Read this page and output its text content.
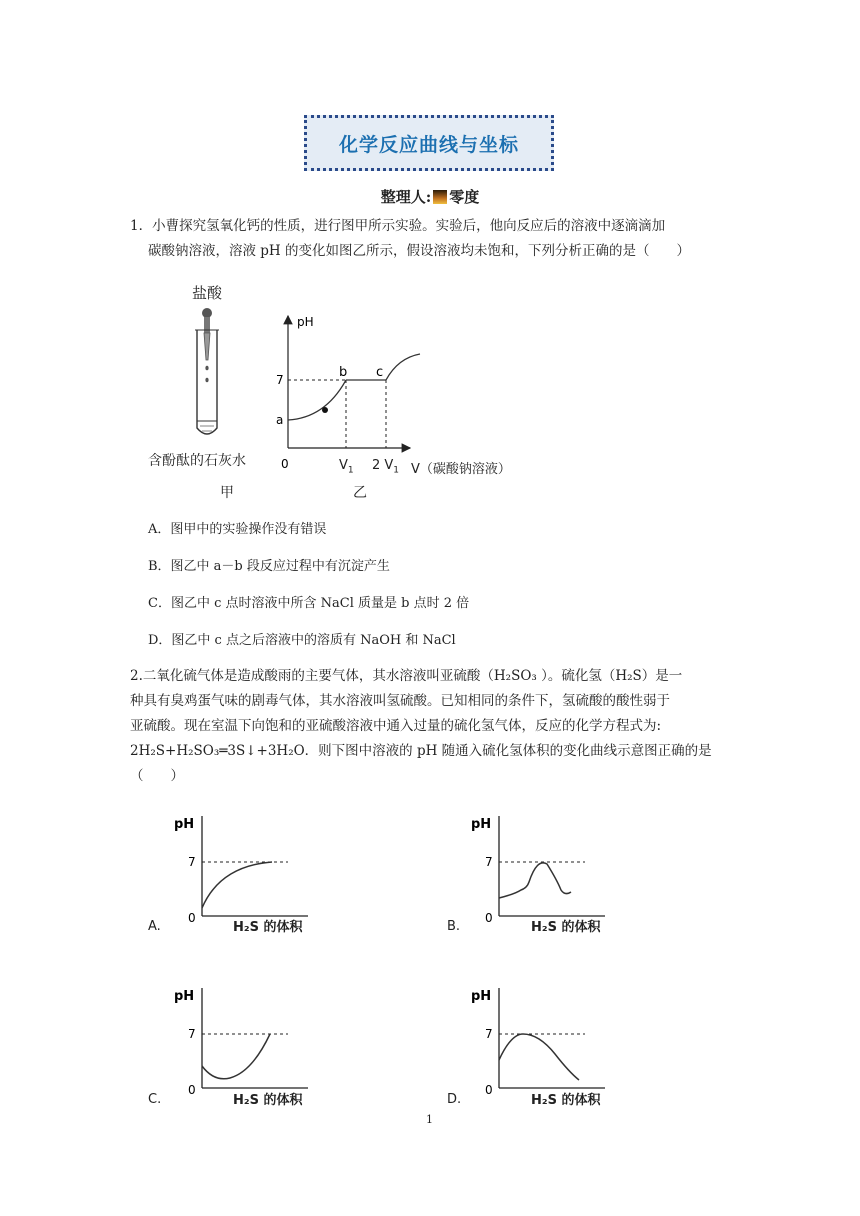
化学反应曲线与坐标
整理人: 零度
1．小曹探究氢氧化钙的性质，进行图甲所示实验。实验后，他向反应后的溶液中逐滴滴加
碳酸钠溶液，溶液 pH 的变化如图乙所示，假设溶液均未饱和，下列分析正确的是（　　）
盐酸
含酚酞的石灰水
甲
pH
7
0
a
b c
$V_1$ 2 $V_1$ V（碳酸钠溶液）
乙
A．图甲中的实验操作没有错误
B．图乙中 a－b 段反应过程中有沉淀产生
C．图乙中 c 点时溶液中所含 NaCl 质量是 b 点时 2 倍
D．图乙中 c 点之后溶液中的溶质有 NaOH 和 NaCl
2.二氧化硫气体是造成酸雨的主要气体，其水溶液叫亚硫酸（H₂SO₃ ）。硫化氢（H₂S）是一
种具有臭鸡蛋气味的剧毒气体，其水溶液叫氢硫酸。已知相同的条件下，氢硫酸的酸性弱于
亚硫酸。现在室温下向饱和的亚硫酸溶液中通入过量的硫化氢气体，反应的化学方程式为:
2H₂S+H₂SO₃═3S↓+3H₂O．则下图中溶液的 pH 随通入硫化氢体积的变化曲线示意图正确的是
（　　）
pH
7
0
A.	H₂S 的体积
pH
7
0
B.	H₂S 的体积
pH
7
0
C.	H₂S 的体积
pH
7
0
D.	H₂S 的体积
1
